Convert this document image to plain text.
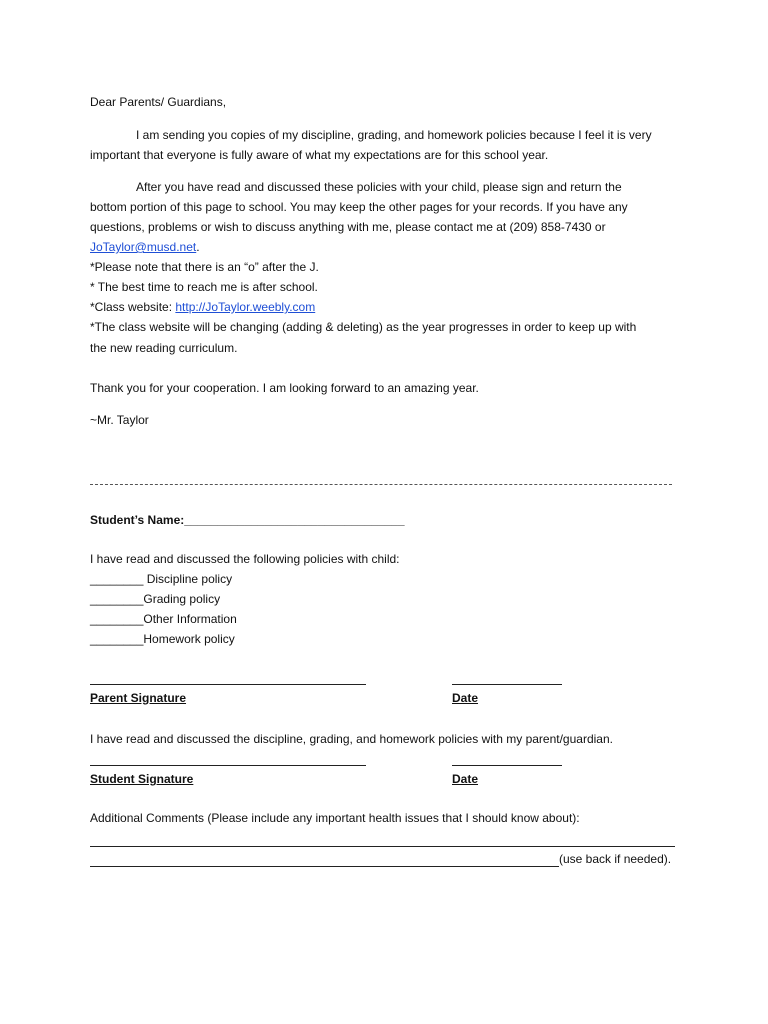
Dear Parents/ Guardians,
I am sending you copies of my discipline, grading, and homework policies because I feel it is very
important that everyone is fully aware of what my expectations are for this school year.
After you have read and discussed these policies with your child, please sign and return the
bottom portion of this page to school. You may keep the other pages for your records. If you have any
questions, problems or wish to discuss anything with me, please contact me at (209) 858-7430 or
JoTaylor@musd.net.
*Please note that there is an “o” after the J.
* The best time to reach me is after school.
*Class website: http://JoTaylor.weebly.com
*The class website will be changing (adding & deleting) as the year progresses in order to keep up with
the new reading curriculum.
Thank you for your cooperation. I am looking forward to an amazing year.
~Mr. Taylor
Student’s Name:_________________________________
I have read and discussed the following policies with child:
________ Discipline policy
________Grading policy
________Other Information
________Homework policy
Parent Signature	Date
I have read and discussed the discipline, grading, and homework policies with my parent/guardian.
Student Signature	Date
Additional Comments (Please include any important health issues that I should know about):
(use back if needed).
